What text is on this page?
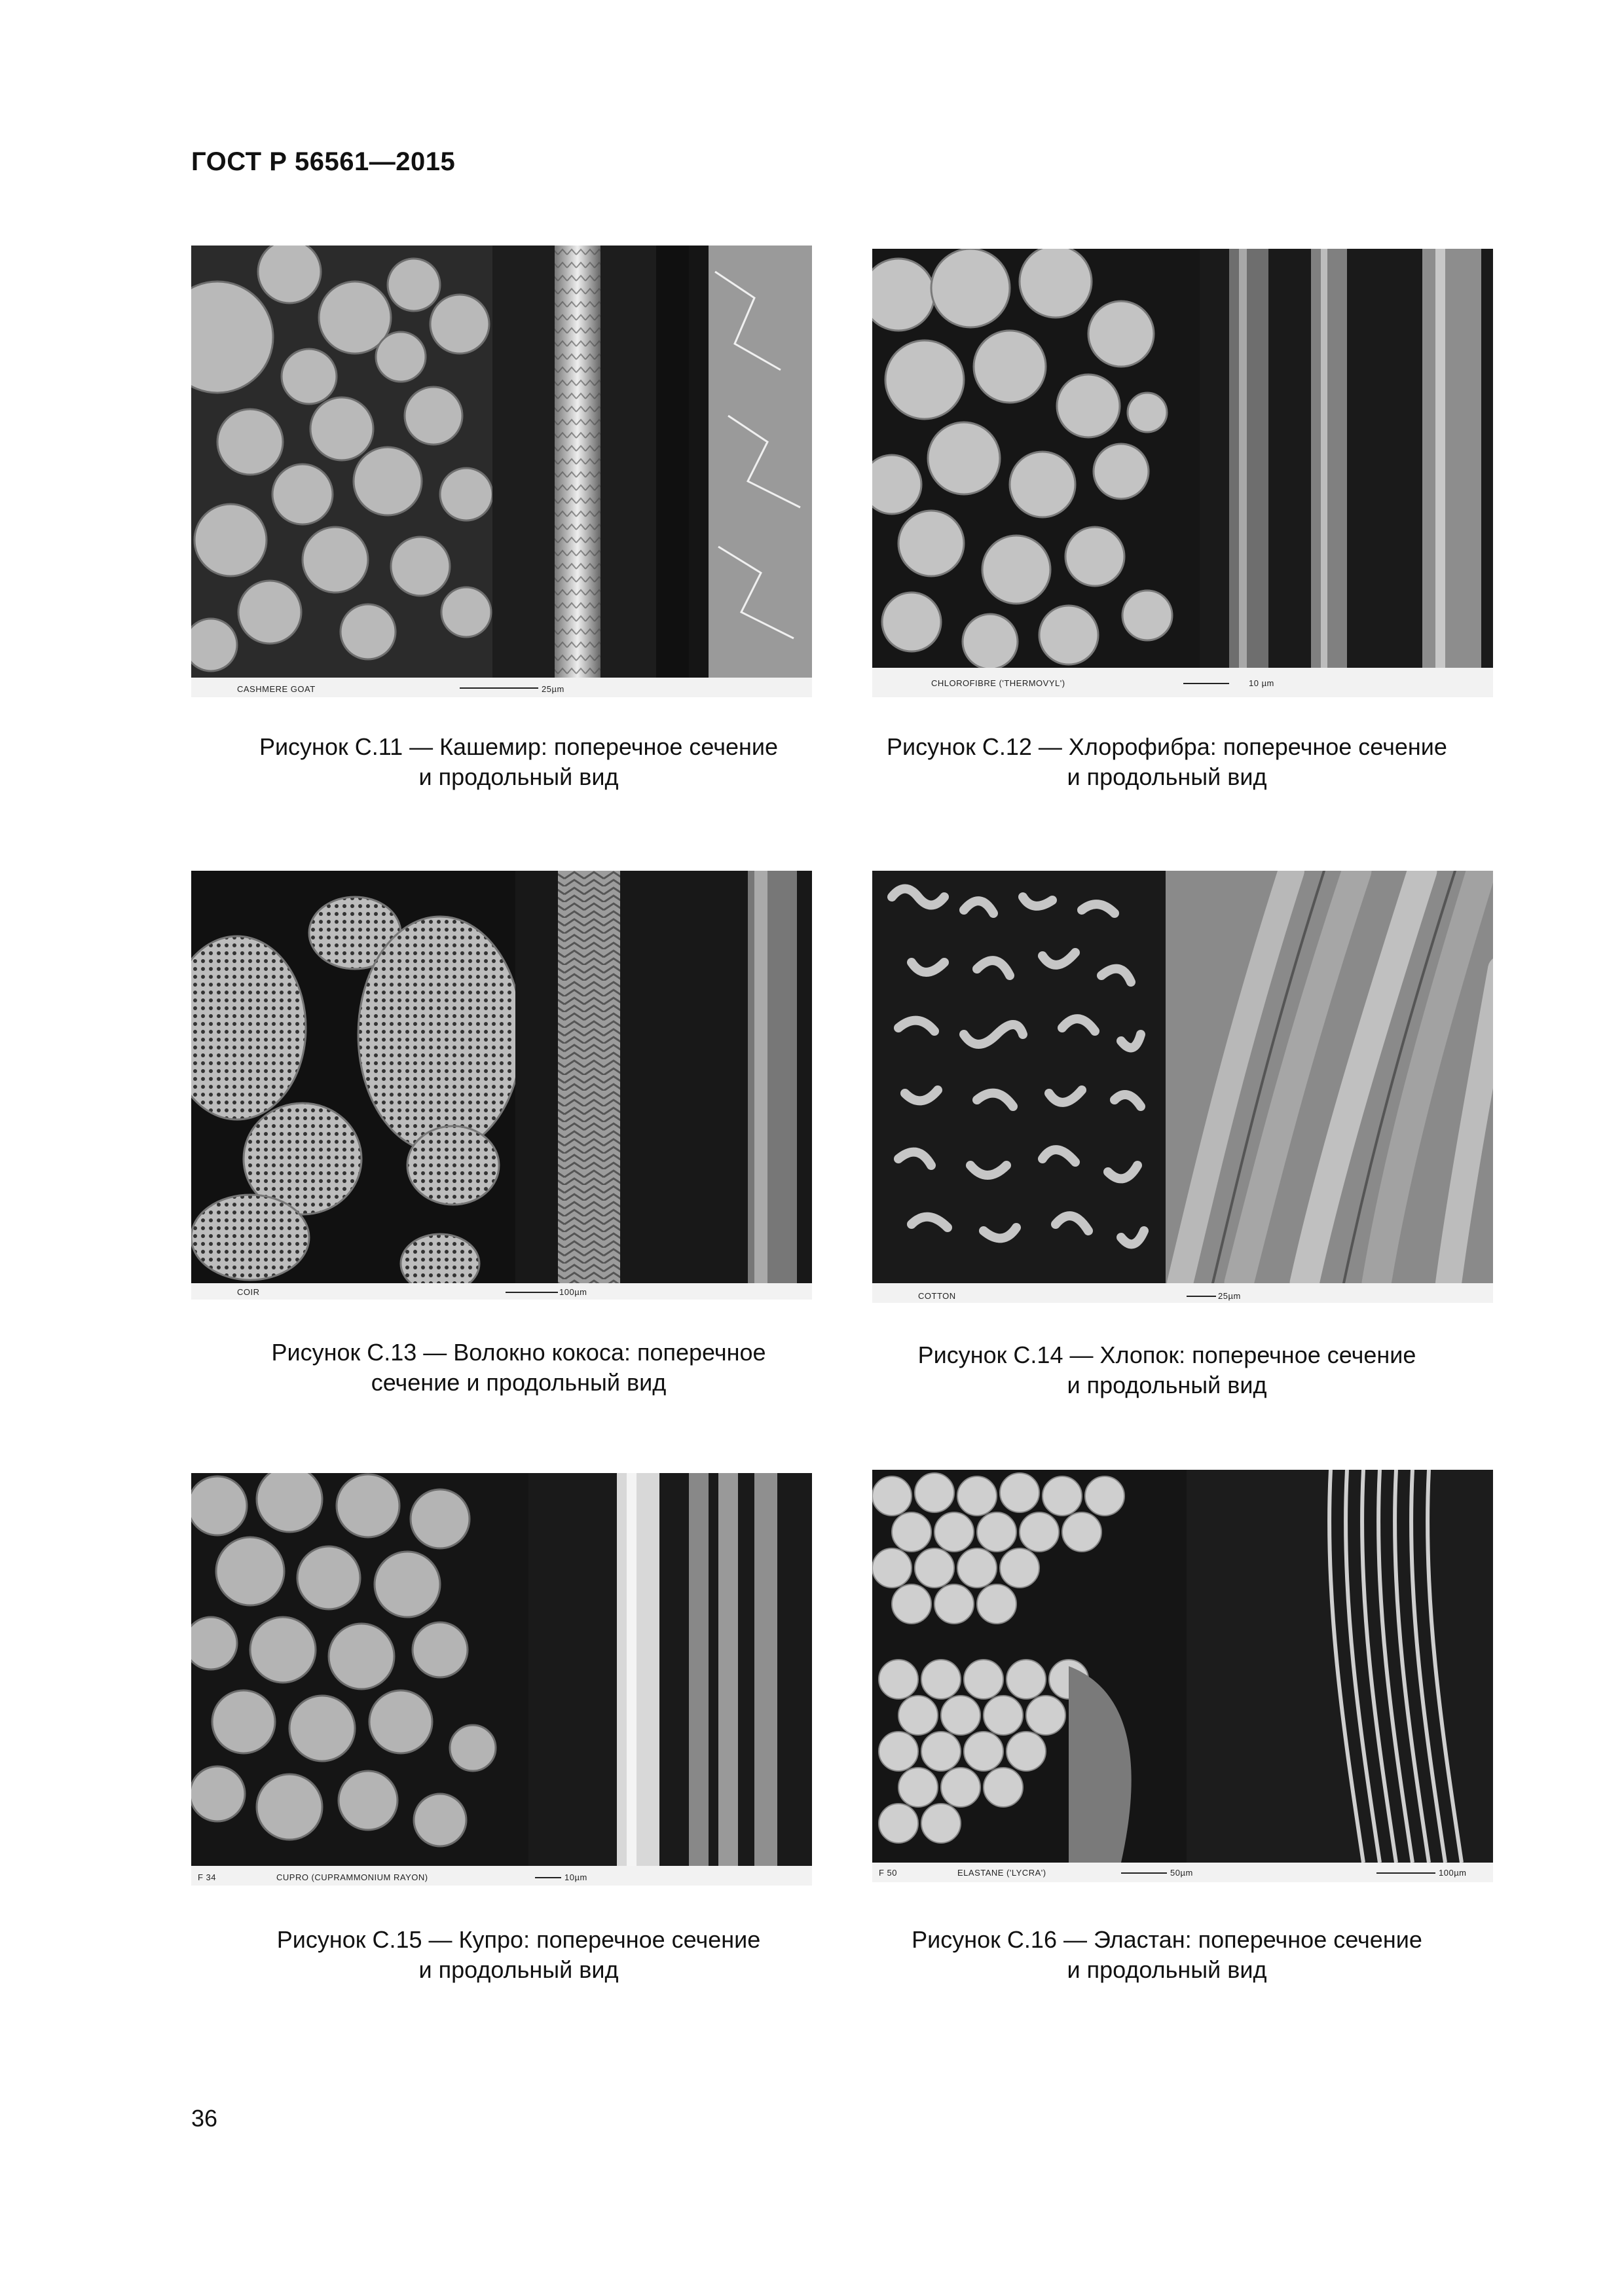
ГОСТ Р 56561—2015
CASHMERE GOAT	25µm
Рисунок С.11 — Кашемир: поперечное сечение
и продольный вид
CHLOROFIBRE ('THERMOVYL')	10 µm
Рисунок С.12 — Хлорофибра: поперечное сечение
и продольный вид
COIR	100µm
Рисунок С.13 — Волокно кокоса: поперечное
сечение и продольный вид
COTTON	25µm
Рисунок С.14 — Хлопок: поперечное сечение
и продольный вид
F 34	CUPRO (CUPRAMMONIUM RAYON)	10µm
Рисунок С.15 — Купро: поперечное сечение
и продольный вид
F 50	ELASTANE ('LYCRA')	50µm	100µm
Рисунок С.16 — Эластан: поперечное сечение
и продольный вид
36
